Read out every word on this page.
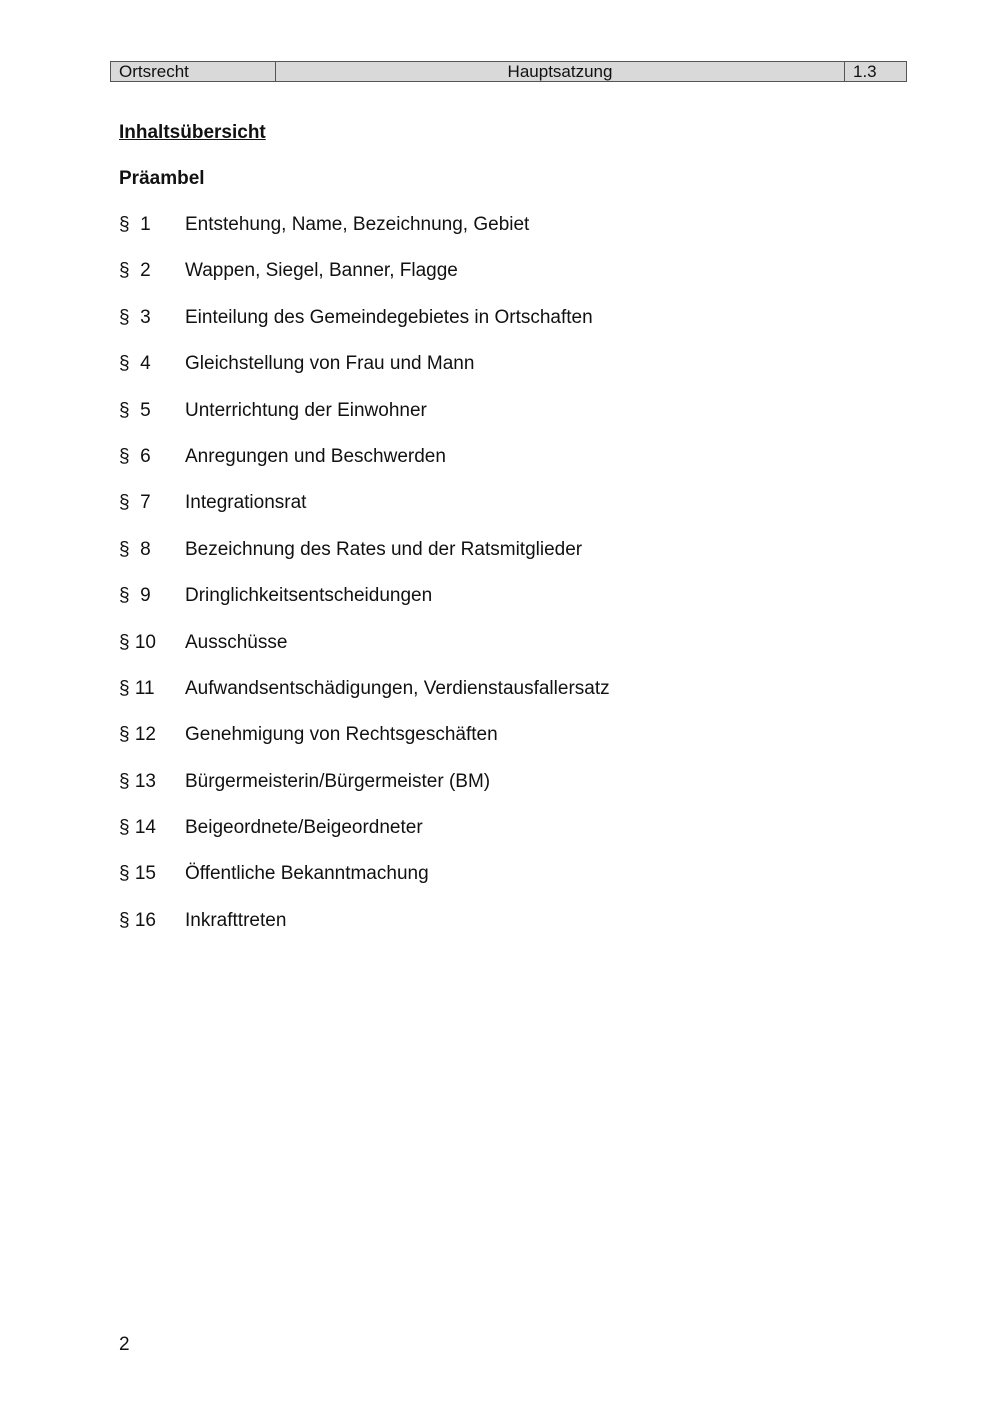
Ortsrecht	Hauptsatzung	1.3

Inhaltsübersicht

Präambel

§  1	Entstehung, Name, Bezeichnung, Gebiet
§  2	Wappen, Siegel, Banner, Flagge
§  3	Einteilung des Gemeindegebietes in Ortschaften
§  4	Gleichstellung von Frau und Mann
§  5	Unterrichtung der Einwohner
§  6	Anregungen und Beschwerden
§  7	Integrationsrat
§  8	Bezeichnung des Rates und der Ratsmitglieder
§  9	Dringlichkeitsentscheidungen
§ 10	Ausschüsse
§ 11	Aufwandsentschädigungen, Verdienstausfallersatz
§ 12	Genehmigung von Rechtsgeschäften
§ 13	Bürgermeisterin/Bürgermeister (BM)
§ 14	Beigeordnete/Beigeordneter
§ 15	Öffentliche Bekanntmachung
§ 16	Inkrafttreten

2
